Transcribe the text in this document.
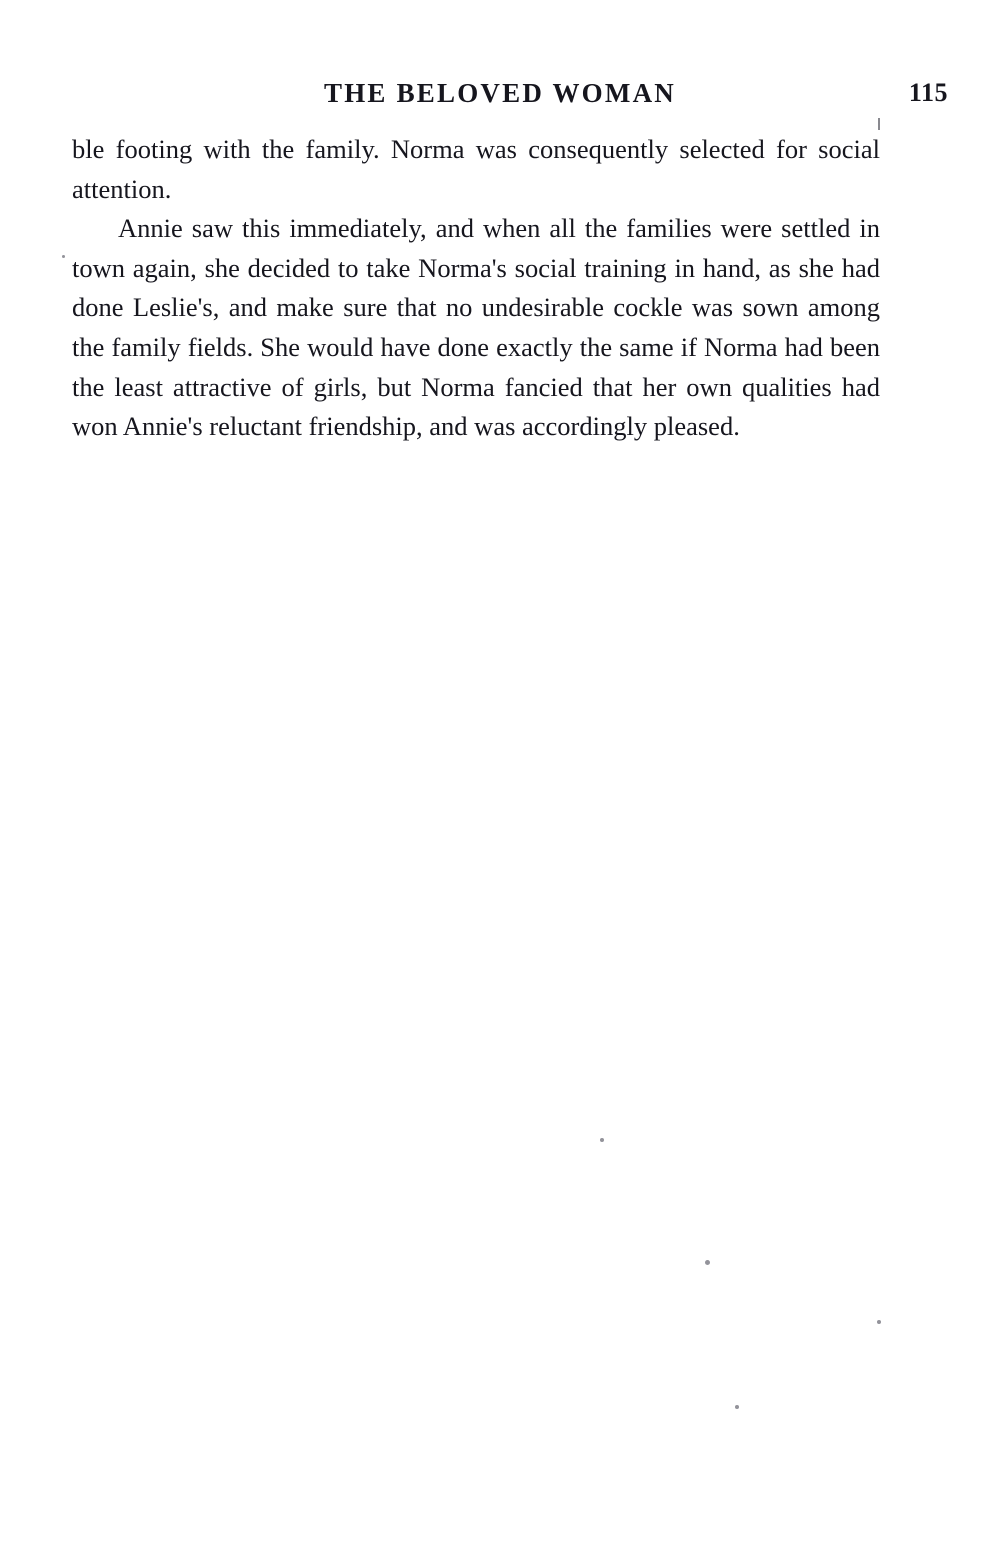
THE BELOVED WOMAN	115

ble footing with the family. Norma was consequently selected for social attention.

Annie saw this immediately, and when all the families were settled in town again, she decided to take Norma's social training in hand, as she had done Leslie's, and make sure that no undesirable cockle was sown among the family fields. She would have done exactly the same if Norma had been the least attractive of girls, but Norma fancied that her own qualities had won Annie's reluctant friendship, and was accordingly pleased.
